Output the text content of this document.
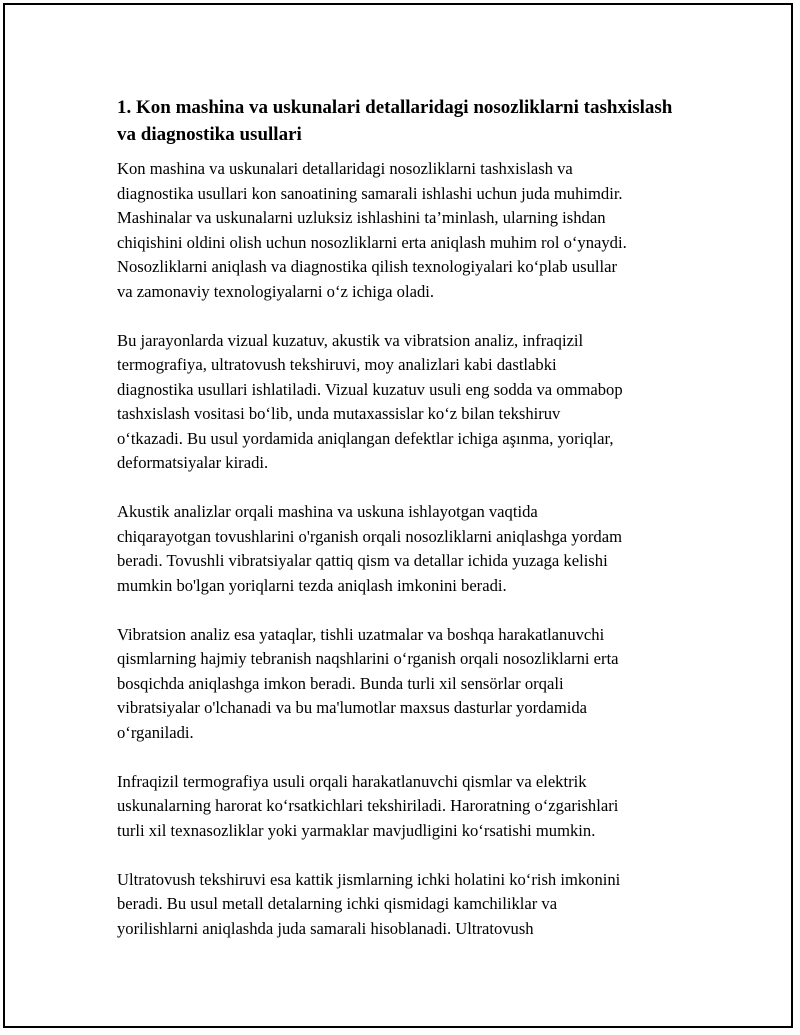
1. Kon mashina va uskunalari detallaridagi nosozliklarni tashxislash va diagnostika usullari

Kon mashina va uskunalari detallaridagi nosozliklarni tashxislash va
diagnostika usullari kon sanoatining samarali ishlashi uchun juda muhimdir.
Mashinalar va uskunalarni uzluksiz ishlashini ta’minlash, ularning ishdan
chiqishini oldini olish uchun nosozliklarni erta aniqlash muhim rol o‘ynaydi.
Nosozliklarni aniqlash va diagnostika qilish texnologiyalari ko‘plab usullar
va zamonaviy texnologiyalarni o‘z ichiga oladi.

Bu jarayonlarda vizual kuzatuv, akustik va vibratsion analiz, infraqizil
termografiya, ultratovush tekshiruvi, moy analizlari kabi dastlabki
diagnostika usullari ishlatiladi. Vizual kuzatuv usuli eng sodda va ommabop
tashxislash vositasi bo‘lib, unda mutaxassislar ko‘z bilan tekshiruv
o‘tkazadi. Bu usul yordamida aniqlangan defektlar ichiga aşınma, yoriqlar,
deformatsiyalar kiradi.

Akustik analizlar orqali mashina va uskuna ishlayotgan vaqtida
chiqarayotgan tovushlarini o'rganish orqali nosozliklarni aniqlashga yordam
beradi. Tovushli vibratsiyalar qattiq qism va detallar ichida yuzaga kelishi
mumkin bo'lgan yoriqlarni tezda aniqlash imkonini beradi.

Vibratsion analiz esa yataqlar, tishli uzatmalar va boshqa harakatlanuvchi
qismlarning hajmiy tebranish naqshlarini o‘rganish orqali nosozliklarni erta
bosqichda aniqlashga imkon beradi. Bunda turli xil sensörlar orqali
vibratsiyalar o'lchanadi va bu ma'lumotlar maxsus dasturlar yordamida
o‘rganiladi.

Infraqizil termografiya usuli orqali harakatlanuvchi qismlar va elektrik
uskunalarning harorat ko‘rsatkichlari tekshiriladi. Haroratning o‘zgarishlari
turli xil texnasozliklar yoki yarmaklar mavjudligini ko‘rsatishi mumkin.

Ultratovush tekshiruvi esa kattik jismlarning ichki holatini ko‘rish imkonini
beradi. Bu usul metall detalarning ichki qismidagi kamchiliklar va
yorilishlarni aniqlashda juda samarali hisoblanadi. Ultratovush
